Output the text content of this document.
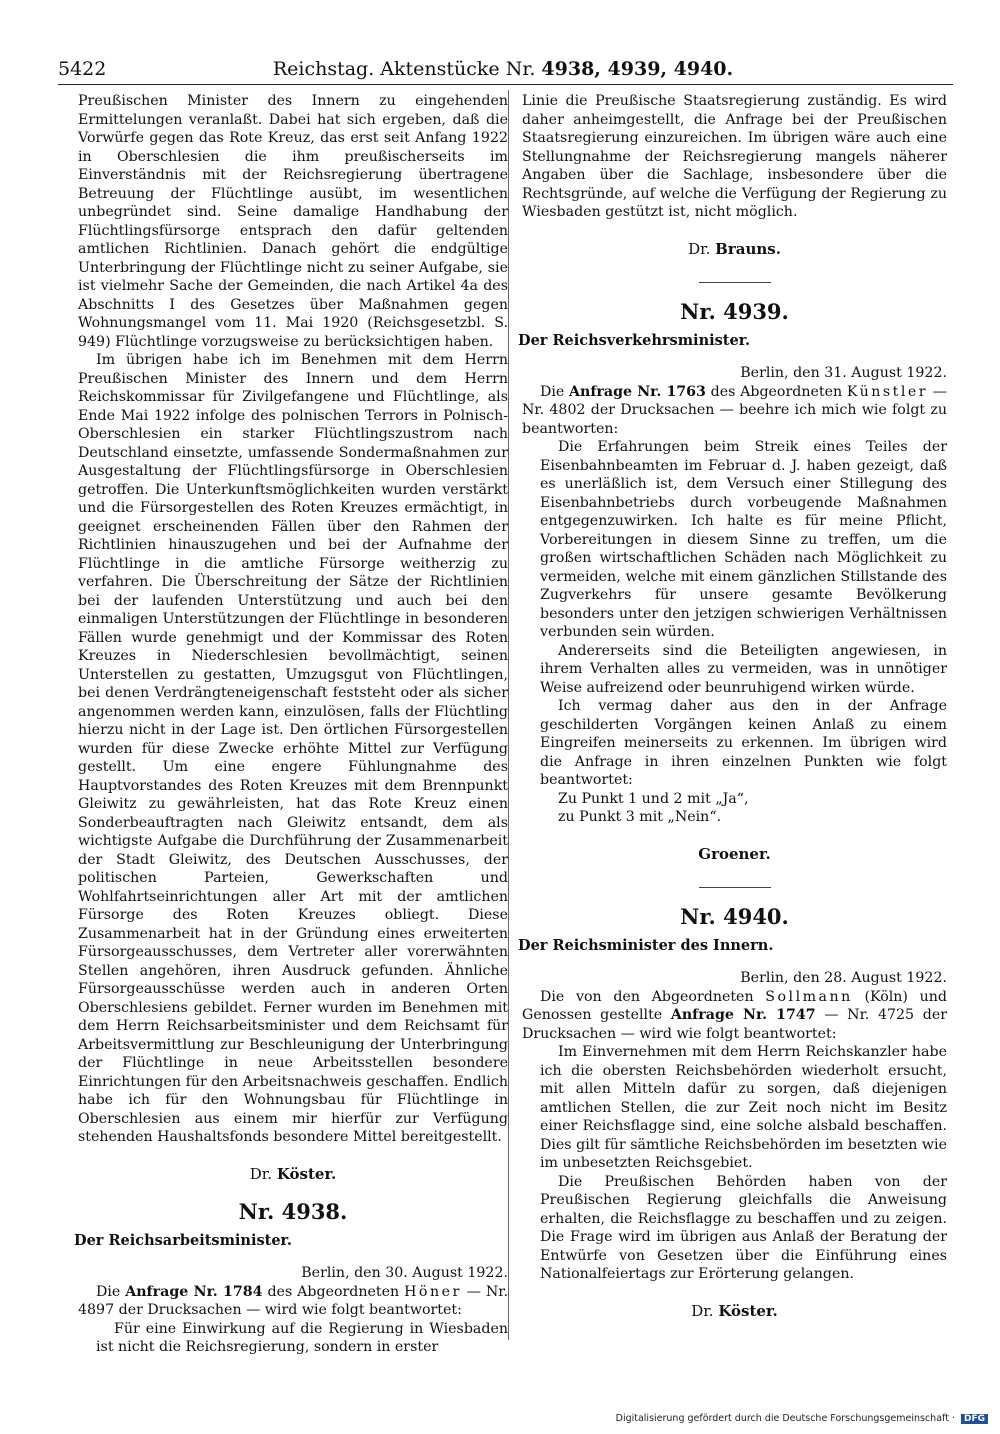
5422	Reichstag. Aktenstücke Nr. 4938, 4939, 4940.

Preußischen Minister des Innern zu eingehenden Ermittelungen veranlaßt. Dabei hat sich ergeben, daß die Vorwürfe gegen das Rote Kreuz, das erst seit Anfang 1922 in Oberschlesien die ihm preußischerseits im Einverständnis mit der Reichsregierung übertragene Betreuung der Flüchtlinge ausübt, im wesentlichen unbegründet sind. Seine damalige Handhabung der Flüchtlingsfürsorge entsprach den dafür geltenden amtlichen Richtlinien. Danach gehört die endgültige Unterbringung der Flüchtlinge nicht zu seiner Aufgabe, sie ist vielmehr Sache der Gemeinden, die nach Artikel 4a des Abschnitts I des Gesetzes über Maßnahmen gegen Wohnungsmangel vom 11. Mai 1920 (Reichsgesetzbl. S. 949) Flüchtlinge vorzugsweise zu berücksichtigen haben.

Im übrigen habe ich im Benehmen mit dem Herrn Preußischen Minister des Innern und dem Herrn Reichskommissar für Zivilgefangene und Flüchtlinge, als Ende Mai 1922 infolge des polnischen Terrors in Polnisch-Oberschlesien ein starker Flüchtlingszustrom nach Deutschland einsetzte, umfassende Sondermaßnahmen zur Ausgestaltung der Flüchtlingsfürsorge in Oberschlesien getroffen. Die Unterkunftsmöglichkeiten wurden verstärkt und die Fürsorgestellen des Roten Kreuzes ermächtigt, in geeignet erscheinenden Fällen über den Rahmen der Richtlinien hinauszugehen und bei der Aufnahme der Flüchtlinge in die amtliche Fürsorge weitherzig zu verfahren. Die Überschreitung der Sätze der Richtlinien bei der laufenden Unterstützung und auch bei den einmaligen Unterstützungen der Flüchtlinge in besonderen Fällen wurde genehmigt und der Kommissar des Roten Kreuzes in Niederschlesien bevollmächtigt, seinen Unterstellen zu gestatten, Umzugsgut von Flüchtlingen, bei denen Verdrängteneigenschaft feststeht oder als sicher angenommen werden kann, einzulösen, falls der Flüchtling hierzu nicht in der Lage ist. Den örtlichen Fürsorgestellen wurden für diese Zwecke erhöhte Mittel zur Verfügung gestellt. Um eine engere Fühlungnahme des Hauptvorstandes des Roten Kreuzes mit dem Brennpunkt Gleiwitz zu gewährleisten, hat das Rote Kreuz einen Sonderbeauftragten nach Gleiwitz entsandt, dem als wichtigste Aufgabe die Durchführung der Zusammenarbeit der Stadt Gleiwitz, des Deutschen Ausschusses, der politischen Parteien, Gewerkschaften und Wohlfahrtseinrichtungen aller Art mit der amtlichen Fürsorge des Roten Kreuzes obliegt. Diese Zusammenarbeit hat in der Gründung eines erweiterten Fürsorgeausschusses, dem Vertreter aller vorerwähnten Stellen angehören, ihren Ausdruck gefunden. Ähnliche Fürsorgeausschüsse werden auch in anderen Orten Oberschlesiens gebildet. Ferner wurden im Benehmen mit dem Herrn Reichsarbeitsminister und dem Reichsamt für Arbeitsvermittlung zur Beschleunigung der Unterbringung der Flüchtlinge in neue Arbeitsstellen besondere Einrichtungen für den Arbeitsnachweis geschaffen. Endlich habe ich für den Wohnungsbau für Flüchtlinge in Oberschlesien aus einem mir hierfür zur Verfügung stehenden Haushaltsfonds besondere Mittel bereitgestellt.

Dr. Köster.
Nr. 4938.
Der Reichsarbeitsminister.

Berlin, den 30. August 1922.

Die Anfrage Nr. 1784 des Abgeordneten Höner — Nr. 4897 der Drucksachen — wird wie folgt beantwortet:

Für eine Einwirkung auf die Regierung in Wiesbaden ist nicht die Reichsregierung, sondern in erster

Linie die Preußische Staatsregierung zuständig. Es wird daher anheimgestellt, die Anfrage bei der Preußischen Staatsregierung einzureichen. Im übrigen wäre auch eine Stellungnahme der Reichsregierung mangels näherer Angaben über die Sachlage, insbesondere über die Rechtsgründe, auf welche die Verfügung der Regierung zu Wiesbaden gestützt ist, nicht möglich.

Dr. Brauns.
Nr. 4939.
Der Reichsverkehrsminister.

Berlin, den 31. August 1922.

Die Anfrage Nr. 1763 des Abgeordneten Künstler — Nr. 4802 der Drucksachen — beehre ich mich wie folgt zu beantworten:

Die Erfahrungen beim Streik eines Teiles der Eisenbahnbeamten im Februar d. J. haben gezeigt, daß es unerläßlich ist, dem Versuch einer Stillegung des Eisenbahnbetriebs durch vorbeugende Maßnahmen entgegenzuwirken. Ich halte es für meine Pflicht, Vorbereitungen in diesem Sinne zu treffen, um die großen wirtschaftlichen Schäden nach Möglichkeit zu vermeiden, welche mit einem gänzlichen Stillstande des Zugverkehrs für unsere gesamte Bevölkerung besonders unter den jetzigen schwierigen Verhältnissen verbunden sein würden.

Andererseits sind die Beteiligten angewiesen, in ihrem Verhalten alles zu vermeiden, was in unnötiger Weise aufreizend oder beunruhigend wirken würde.

Ich vermag daher aus den in der Anfrage geschilderten Vorgängen keinen Anlaß zu einem Eingreifen meinerseits zu erkennen. Im übrigen wird die Anfrage in ihren einzelnen Punkten wie folgt beantwortet:

Zu Punkt 1 und 2 mit „Ja“,

zu Punkt 3 mit „Nein“.

Groener.
Nr. 4940.
Der Reichsminister des Innern.

Berlin, den 28. August 1922.

Die von den Abgeordneten Sollmann (Köln) und Genossen gestellte Anfrage Nr. 1747 — Nr. 4725 der Drucksachen — wird wie folgt beantwortet:

Im Einvernehmen mit dem Herrn Reichskanzler habe ich die obersten Reichsbehörden wiederholt ersucht, mit allen Mitteln dafür zu sorgen, daß diejenigen amtlichen Stellen, die zur Zeit noch nicht im Besitz einer Reichsflagge sind, eine solche alsbald beschaffen. Dies gilt für sämtliche Reichsbehörden im besetzten wie im unbesetzten Reichsgebiet.

Die Preußischen Behörden haben von der Preußischen Regierung gleichfalls die Anweisung erhalten, die Reichsflagge zu beschaffen und zu zeigen. Die Frage wird im übrigen aus Anlaß der Beratung der Entwürfe von Gesetzen über die Einführung eines Nationalfeiertags zur Erörterung gelangen.

Dr. Köster.
Digitalisierung gefördert durch die Deutsche Forschungsgemeinschaft · DFG
